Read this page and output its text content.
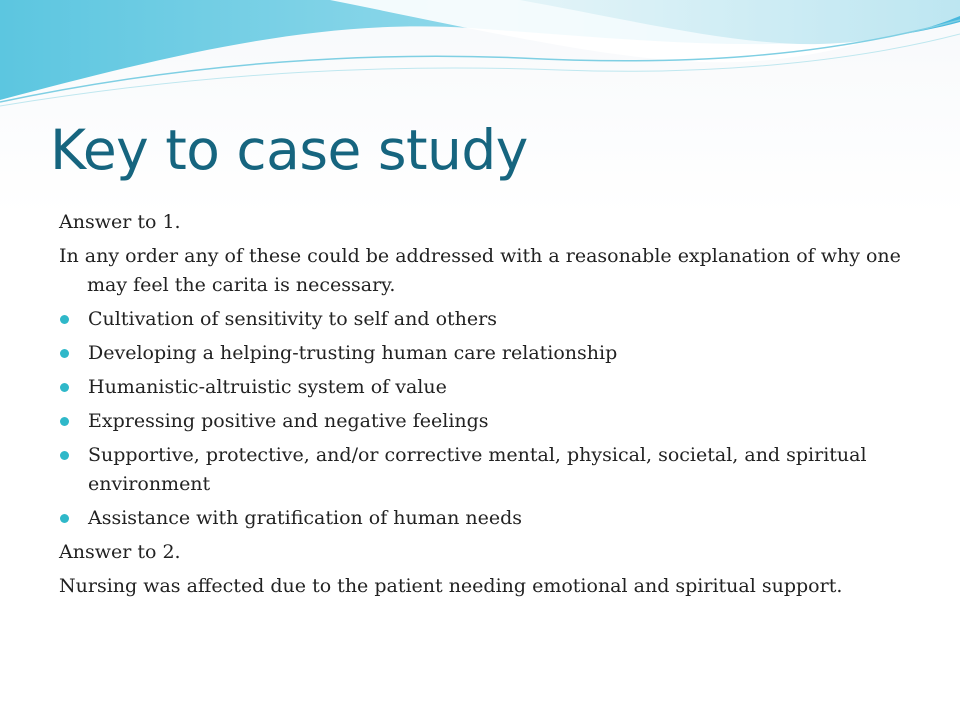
Key to case study

Answer to 1.

In any order any of these could be addressed with a reasonable explanation of why one may feel the carita is necessary.

Cultivation of sensitivity to self and others
Developing a helping-trusting human care relationship
Humanistic-altruistic system of value
Expressing positive and negative feelings
Supportive, protective, and/or corrective mental, physical, societal, and spiritual environment
Assistance with gratification of human needs

Answer to 2.

Nursing was affected due to the patient needing emotional and spiritual support.
